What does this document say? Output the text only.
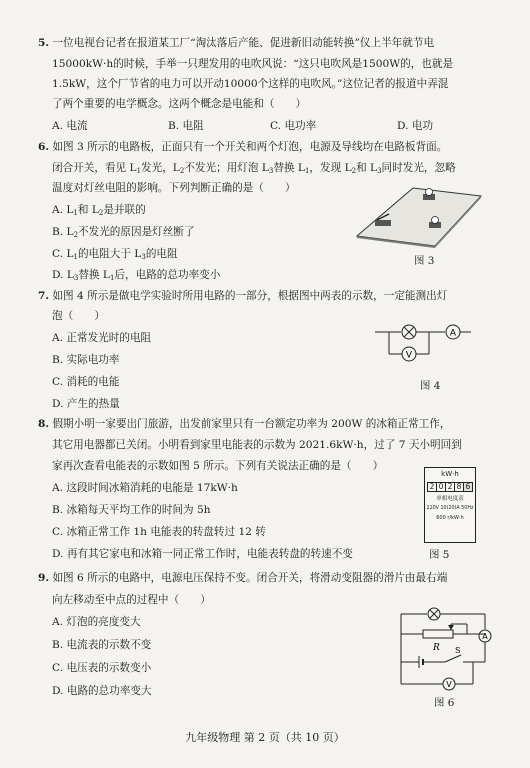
5. 一位电视台记者在报道某工厂“淘汰落后产能、促进新旧动能转换”仪上半年就节电
15000kW·h的时候，手举一只理发用的电吹风说：“这只电吹风是1500W的，也就是
1.5kW，这个厂节省的电力可以开动10000个这样的电吹风。”这位记者的报道中弄混
了两个重要的电学概念。这两个概念是电能和（　　）
A. 电流	B. 电阻	C. 电功率	D. 电功
6. 如图 3 所示的电路板，正面只有一个开关和两个灯泡，电源及导线均在电路板背面。
闭合开关，看见 $L_1$发光，$L_2$不发光；用灯泡 $L_3$替换 $L_1$，发现 $L_2$和 $L_3$同时发光，忽略
温度对灯丝电阻的影响。下列判断正确的是（　　）
A. $L_1$和 $L_2$是并联的
B. $L_2$不发光的原因是灯丝断了
C. $L_1$的电阻大于 $L_3$的电阻
D. $L_3$替换 $L_1$后，电路的总功率变小
图 3
7. 如图 4 所示是做电学实验时所用电路的一部分，根据图中两表的示数，一定能测出灯
泡（　　）
A. 正常发光时的电阻
B. 实际电功率
C. 消耗的电能
D. 产生的热量
A
V
图 4
8. 假期小明一家要出门旅游，出发前家里只有一台额定功率为 200W 的冰箱正常工作，
其它用电器都已关闭。小明看到家里电能表的示数为 2021.6kW·h，过了 7 天小明回到
家再次查看电能表的示数如图 5 所示。下列有关说法正确的是（　　）
A. 这段时间冰箱消耗的电能是 17kW·h
B. 冰箱每天平均工作的时间为 5h
C. 冰箱正常工作 1h 电能表的转盘转过 12 转
D. 再有其它家电和冰箱一同正常工作时，电能表转盘的转速不变
kW·h
2 0 2 8 6
单相电度表
220V 10(20)A 50Hz
600 r/kW·h
图 5
9. 如图 6 所示的电路中，电源电压保持不变。闭合开关，将滑动变阻器的滑片由最右端
向左移动至中点的过程中（　　）
A. 灯泡的亮度变大
B. 电流表的示数不变
C. 电压表的示数变小
D. 电路的总功率变大
A
R S
V
图 6
九年级物理 第 2 页（共 10 页）
